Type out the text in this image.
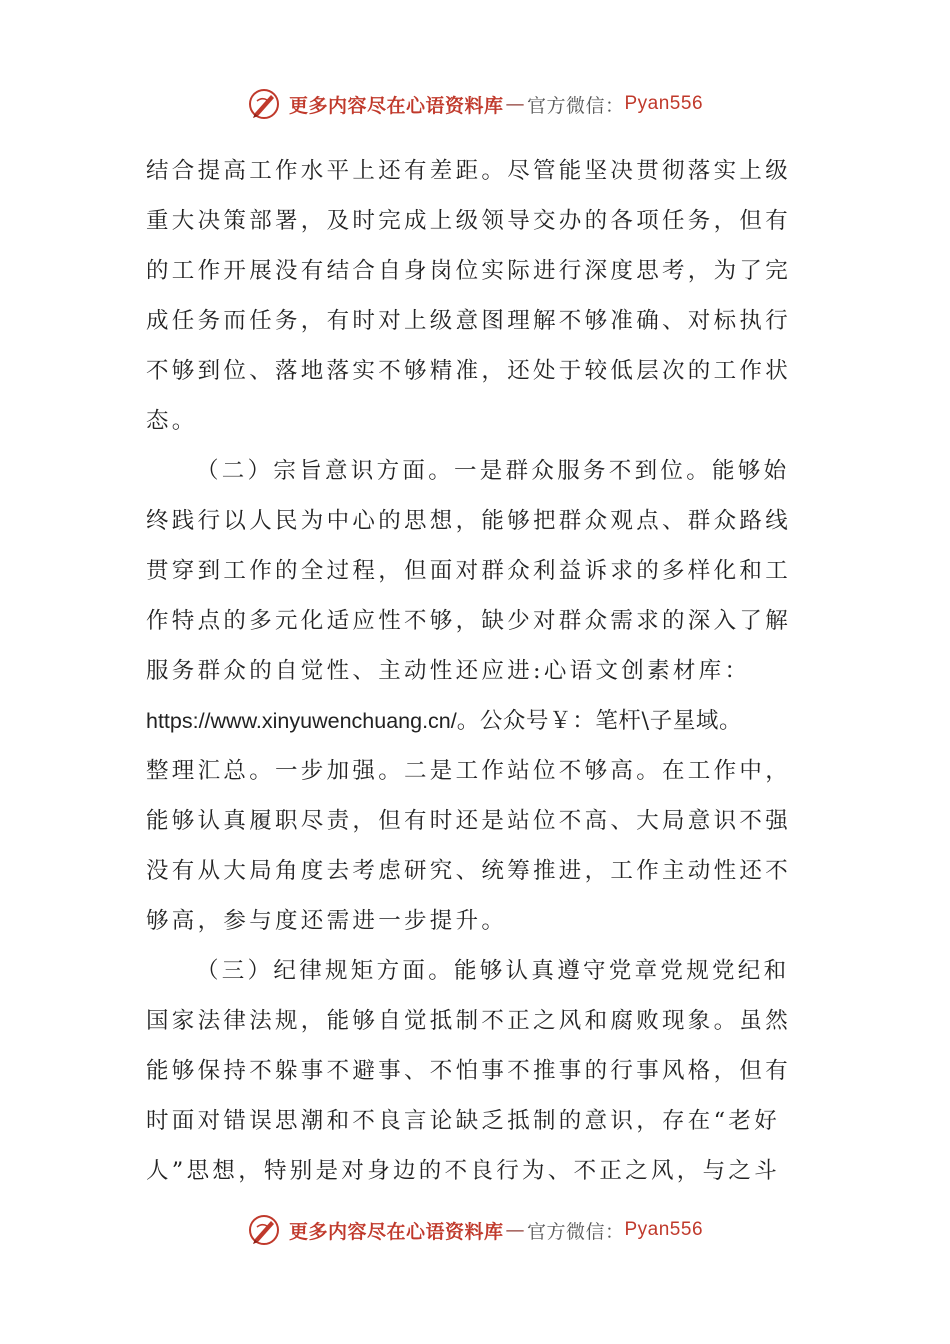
更多内容尽在心语资料库 — 官方微信： Pyan556
结合提高工作水平上还有差距。尽管能坚决贯彻落实上级
重大决策部署，及时完成上级领导交办的各项任务，但有
的工作开展没有结合自身岗位实际进行深度思考，为了完
成任务而任务，有时对上级意图理解不够准确、对标执行
不够到位、落地落实不够精准，还处于较低层次的工作状
态。
（二）宗旨意识方面。一是群众服务不到位。能够始
终践行以人民为中心的思想，能够把群众观点、群众路线
贯穿到工作的全过程，但面对群众利益诉求的多样化和工
作特点的多元化适应性不够，缺少对群众需求的深入了解
服务群众的自觉性、主动性还应进:心语文创素材库：
https://www.xinyuwenchuang.cn/。公众号￥：笔杆\子星域。
整理汇总。一步加强。二是工作站位不够高。在工作中，
能够认真履职尽责，但有时还是站位不高、大局意识不强
没有从大局角度去考虑研究、统筹推进，工作主动性还不
够高，参与度还需进一步提升。
（三）纪律规矩方面。能够认真遵守党章党规党纪和
国家法律法规，能够自觉抵制不正之风和腐败现象。虽然
能够保持不躲事不避事、不怕事不推事的行事风格，但有
时面对错误思潮和不良言论缺乏抵制的意识，存在“老好
人”思想，特别是对身边的不良行为、不正之风，与之斗
更多内容尽在心语资料库 — 官方微信： Pyan556
